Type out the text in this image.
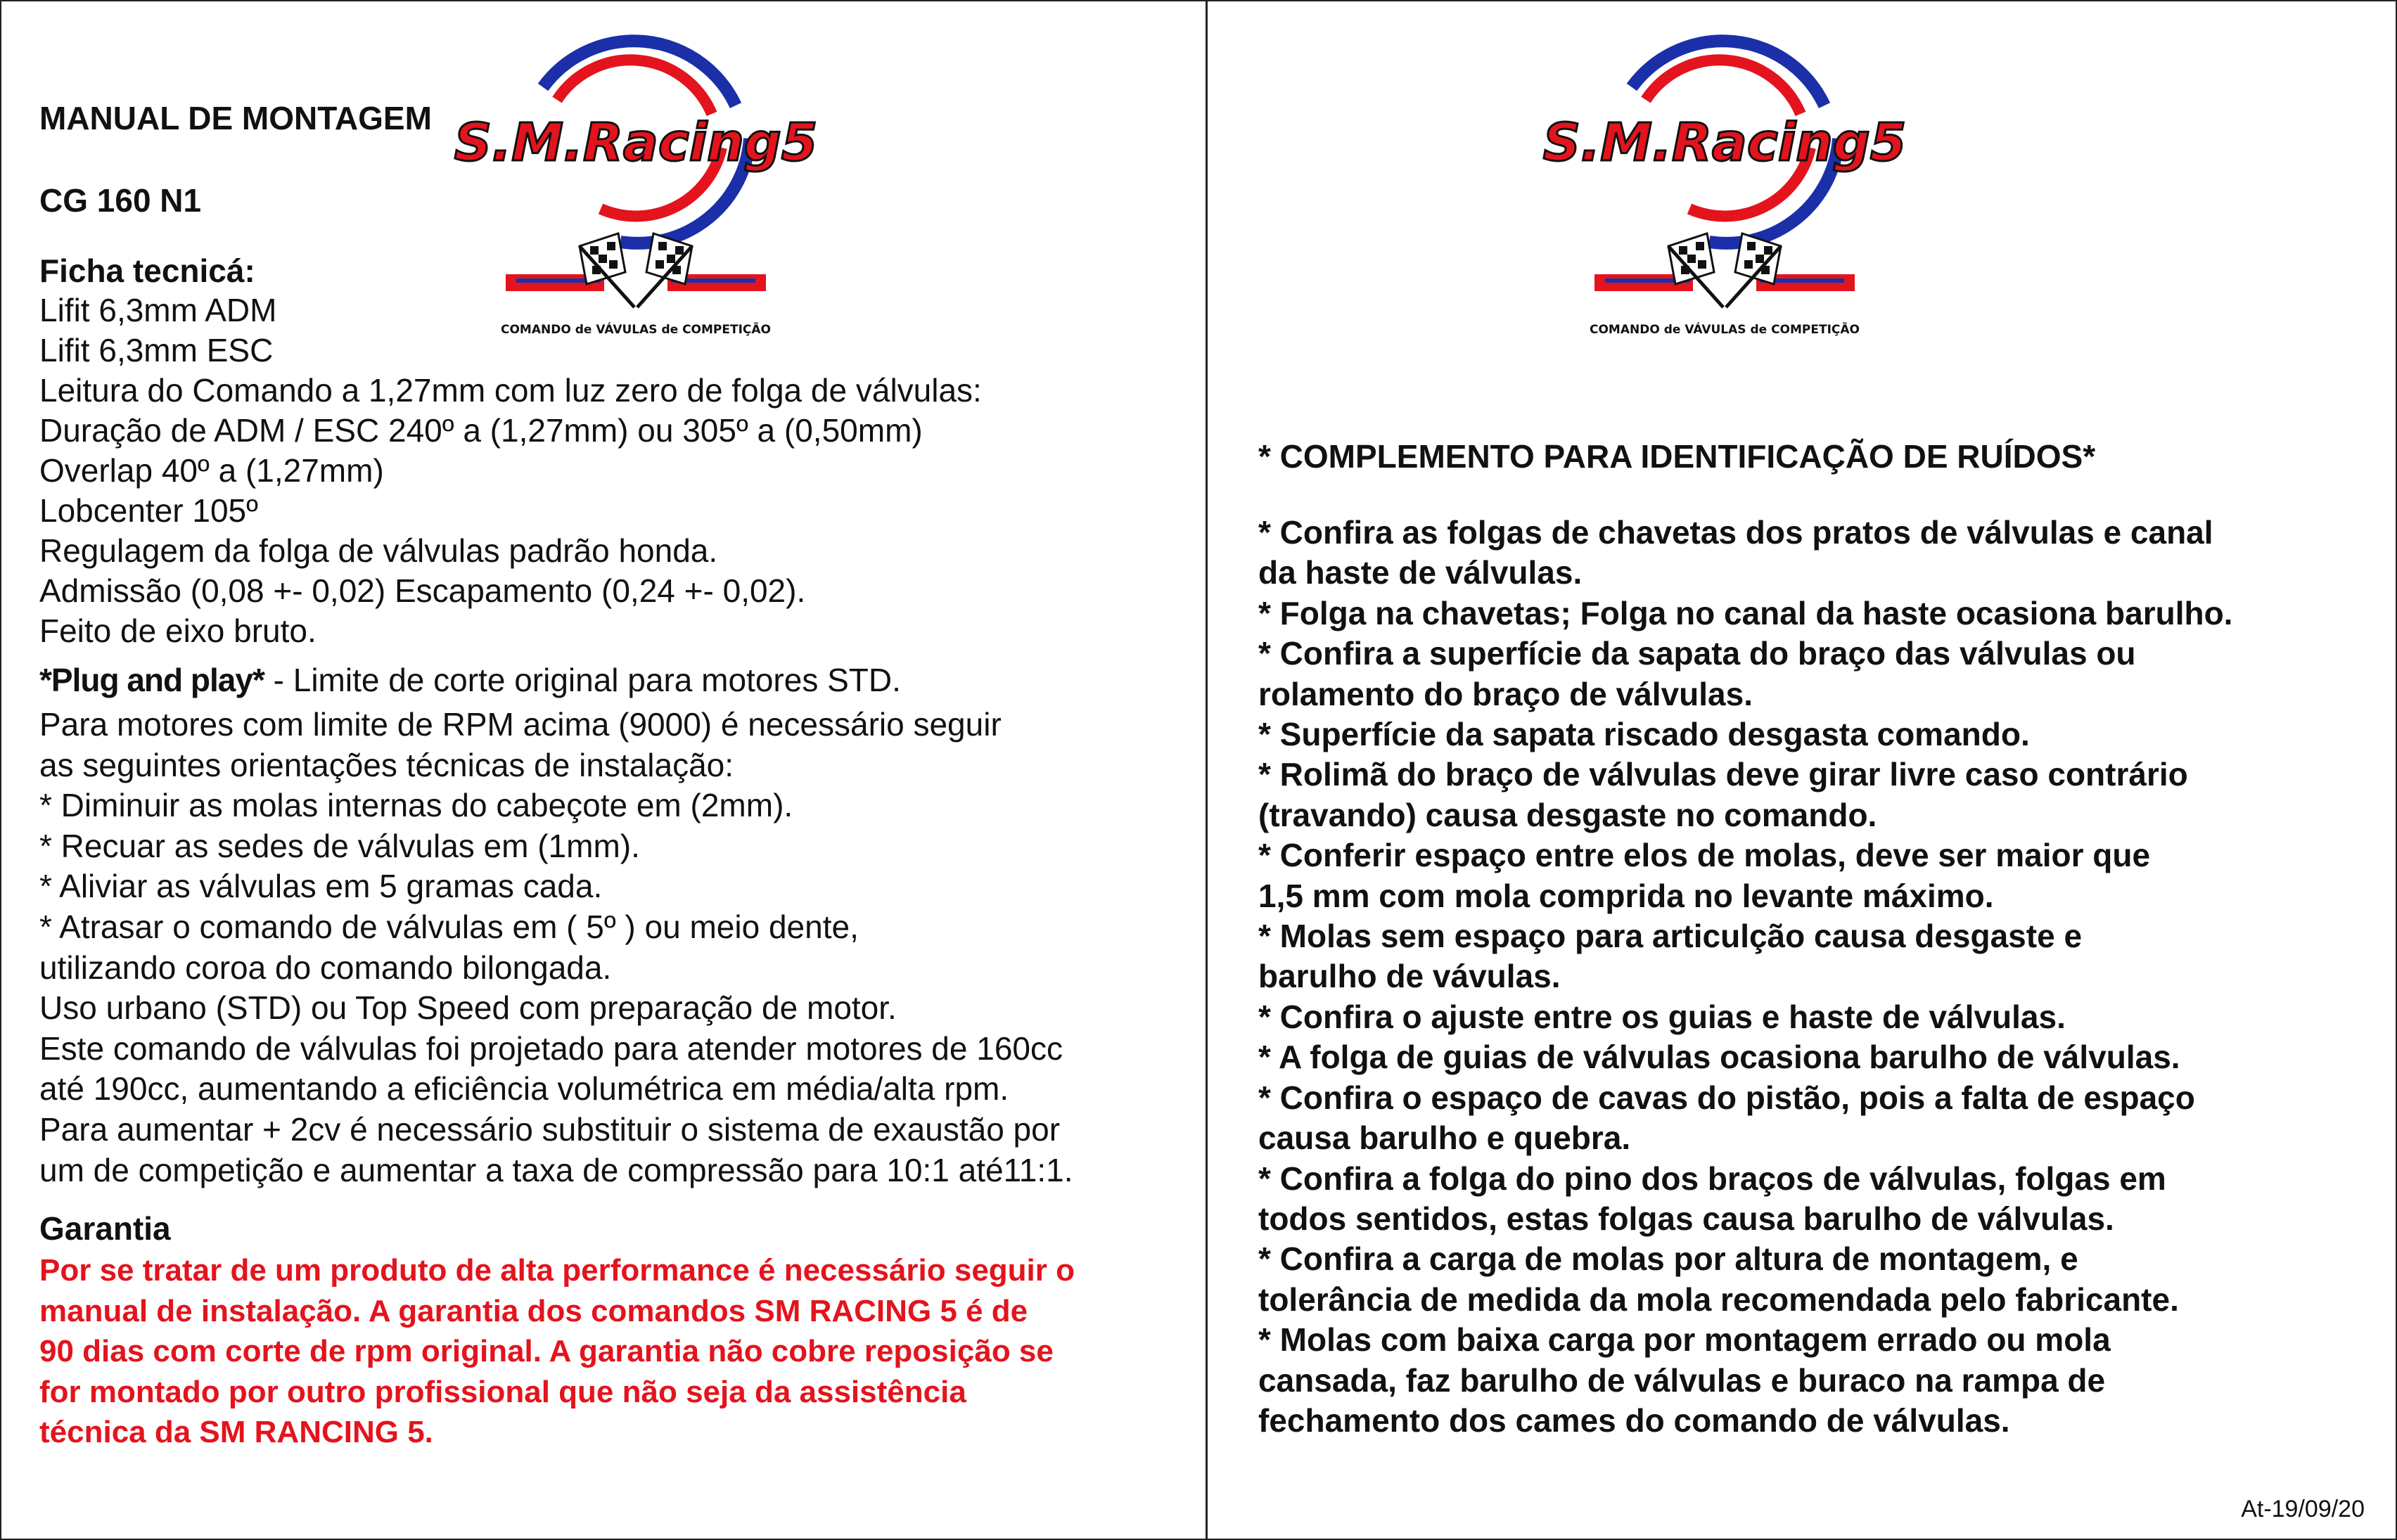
MANUAL DE MONTAGEM
CG 160 N1
Ficha tecnicá:
Lifit 6,3mm ADM
Lifit 6,3mm ESC
Leitura do Comando a 1,27mm com luz zero de folga de válvulas:
Duração de ADM / ESC 240º a (1,27mm) ou 305º a (0,50mm)
Overlap 40º a (1,27mm)
Lobcenter 105º
Regulagem da folga de válvulas padrão honda.
Admissão (0,08 +- 0,02) Escapamento (0,24 +- 0,02).
Feito de eixo bruto.
*Plug and play* - Limite de corte original para motores STD.
Para motores com limite de RPM acima (9000) é necessário seguir
as seguintes orientações técnicas de instalação:
* Diminuir as molas internas do cabeçote em (2mm).
* Recuar as sedes de válvulas em (1mm).
* Aliviar as válvulas em 5 gramas cada.
* Atrasar o comando de válvulas em ( 5º ) ou meio dente,
utilizando coroa do comando bilongada.
Uso urbano (STD) ou Top Speed com preparação de motor.
Este comando de válvulas foi projetado para atender motores de 160cc
até 190cc, aumentando a eficiência volumétrica em média/alta rpm.
Para aumentar + 2cv é necessário substituir o sistema de exaustão por
um de competição e aumentar a taxa de compressão para 10:1 até11:1.
Garantia
Por se tratar de um produto de alta performance é necessário seguir o
manual de instalação. A garantia dos comandos SM RACING 5 é de
90 dias com corte de rpm original. A garantia não cobre reposição se
for montado por outro profissional que não seja da assistência
técnica da SM RANCING 5.
* COMPLEMENTO PARA IDENTIFICAÇÃO DE RUÍDOS*
* Confira as folgas de chavetas dos pratos de válvulas e canal
da haste de válvulas.
* Folga na chavetas; Folga no canal da haste ocasiona barulho.
* Confira a superfície da sapata do braço das válvulas ou
rolamento do braço de válvulas.
* Superfície da sapata riscado desgasta comando.
* Rolimã do braço de válvulas deve girar livre caso contrário
(travando) causa desgaste no comando.
* Conferir espaço entre elos de molas, deve ser maior que
1,5 mm com mola comprida no levante máximo.
* Molas sem espaço para articulção causa desgaste e
barulho de vávulas.
* Confira o ajuste entre os guias e haste de válvulas.
* A folga de guias de válvulas ocasiona barulho de válvulas.
* Confira o espaço de cavas do pistão, pois a falta de espaço
causa barulho e quebra.
* Confira a folga do pino dos braços de válvulas, folgas em
todos sentidos, estas folgas causa barulho de válvulas.
* Confira a carga de molas por altura de montagem, e
tolerância de medida da mola recomendada pelo fabricante.
* Molas com baixa carga por montagem errado ou mola
cansada, faz barulho de válvulas e buraco na rampa de
fechamento dos cames do comando de válvulas.
S.M.Racing5
COMANDO de VÁVULAS de COMPETIÇÃO
S.M.Racing5
COMANDO de VÁVULAS de COMPETIÇÃO
At-19/09/20
